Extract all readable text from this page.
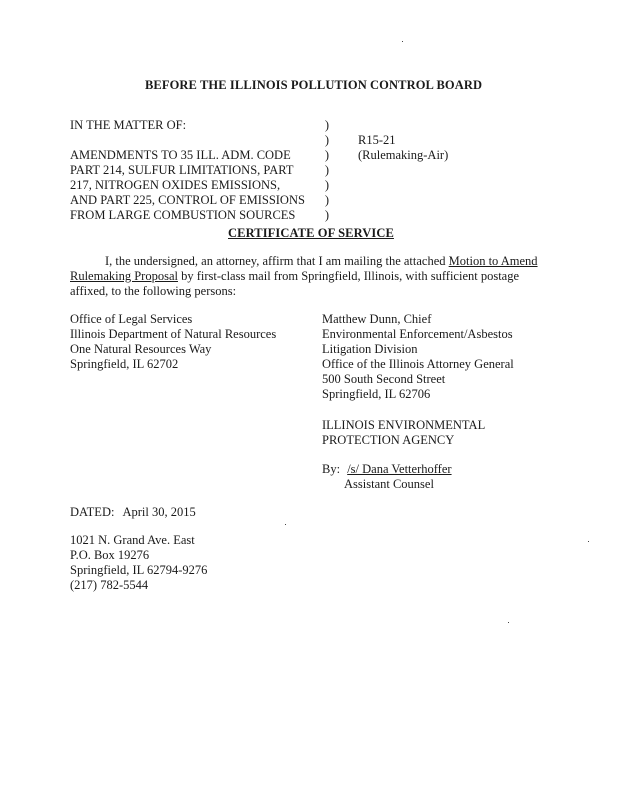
BEFORE THE ILLINOIS POLLUTION CONTROL BOARD
IN THE MATTER OF:
AMENDMENTS TO 35 ILL. ADM. CODE
PART 214, SULFUR LIMITATIONS, PART
217, NITROGEN OXIDES EMISSIONS,
AND PART 225, CONTROL OF EMISSIONS
FROM LARGE COMBUSTION SOURCES
)
)
)
)
)
)
)
R15-21
(Rulemaking-Air)
CERTIFICATE OF SERVICE
I, the undersigned, an attorney, affirm that I am mailing the attached Motion to Amend
Rulemaking Proposal by first-class mail from Springfield, Illinois, with sufficient postage
affixed, to the following persons:
Office of Legal Services
Illinois Department of Natural Resources
One Natural Resources Way
Springfield, IL 62702
Matthew Dunn, Chief
Environmental Enforcement/Asbestos
Litigation Division
Office of the Illinois Attorney General
500 South Second Street
Springfield, IL 62706
ILLINOIS ENVIRONMENTAL
PROTECTION AGENCY
By: /s/ Dana Vetterhoffer
Assistant Counsel
DATED: April 30, 2015
1021 N. Grand Ave. East
P.O. Box 19276
Springfield, IL 62794-9276
(217) 782-5544
